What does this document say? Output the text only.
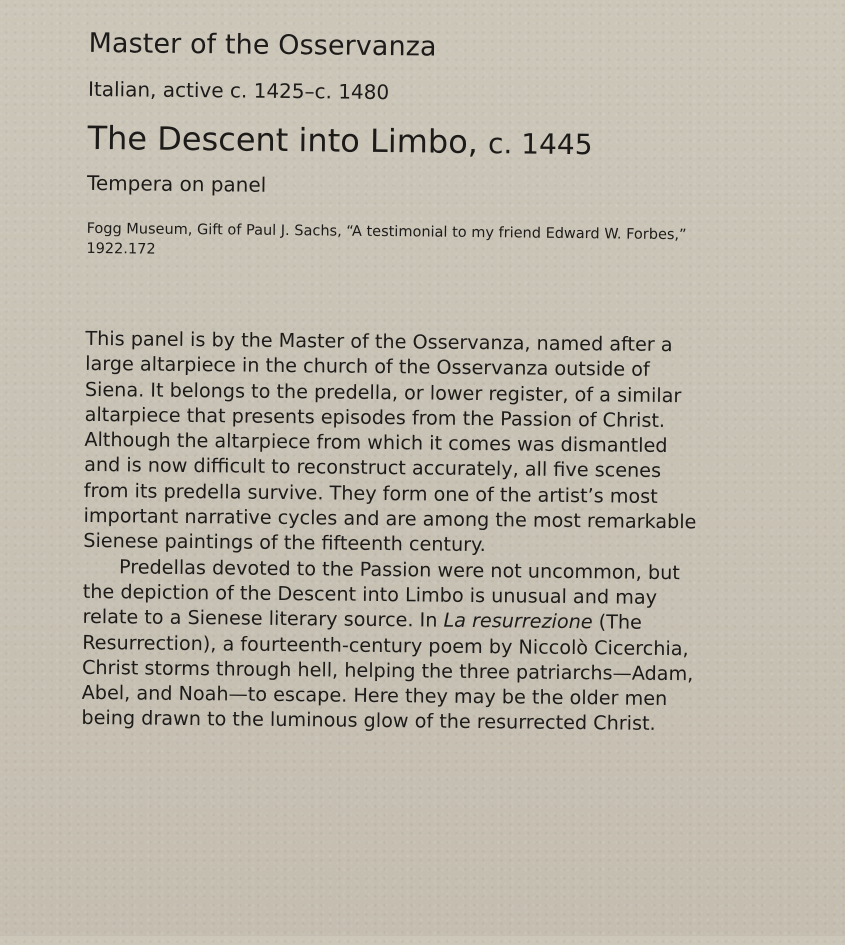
Master of the Osservanza
Italian, active c. 1425–c. 1480
The Descent into Limbo, c. 1445
Tempera on panel
Fogg Museum, Gift of Paul J. Sachs, “A testimonial to my friend Edward W. Forbes,” 1922.172

This panel is by the Master of the Osservanza, named after a large altarpiece in the church of the Osservanza outside of Siena. It belongs to the predella, or lower register, of a similar altarpiece that presents episodes from the Passion of Christ. Although the altarpiece from which it comes was dismantled and is now difficult to reconstruct accurately, all five scenes from its predella survive. They form one of the artist’s most important narrative cycles and are among the most remarkable Sienese paintings of the fifteenth century.

Predellas devoted to the Passion were not uncommon, but the depiction of the Descent into Limbo is unusual and may relate to a Sienese literary source. In La resurrezione (The Resurrection), a fourteenth-century poem by Niccolò Cicerchia, Christ storms through hell, helping the three patriarchs—Adam, Abel, and Noah—to escape. Here they may be the older men being drawn to the luminous glow of the resurrected Christ.
